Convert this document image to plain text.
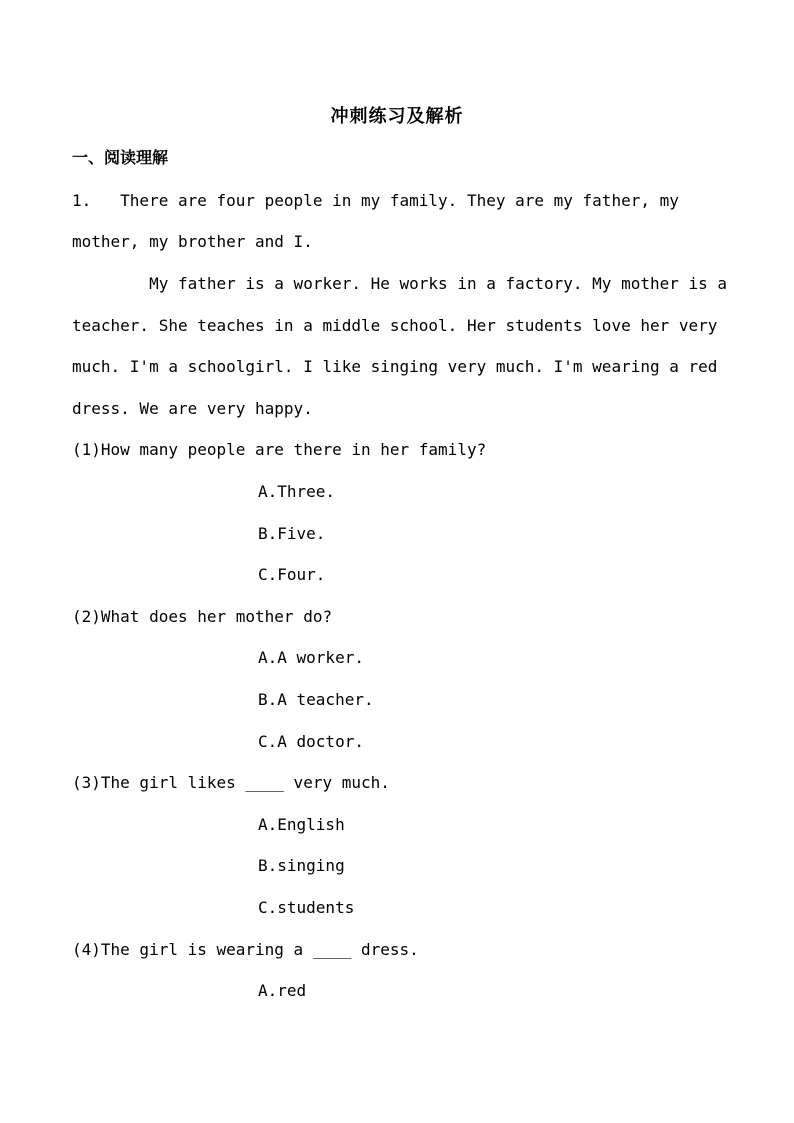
冲刺练习及解析
一、阅读理解
1.   There are four people in my family. They are my father, my
mother, my brother and I.
My father is a worker. He works in a factory. My mother is a
teacher. She teaches in a middle school. Her students love her very
much. I'm a schoolgirl. I like singing very much. I'm wearing a red
dress. We are very happy.
(1)How many people are there in her family?
A.Three.
B.Five.
C.Four.
(2)What does her mother do?
A.A worker.
B.A teacher.
C.A doctor.
(3)The girl likes ____ very much.
A.English
B.singing
C.students
(4)The girl is wearing a ____ dress.
A.red
